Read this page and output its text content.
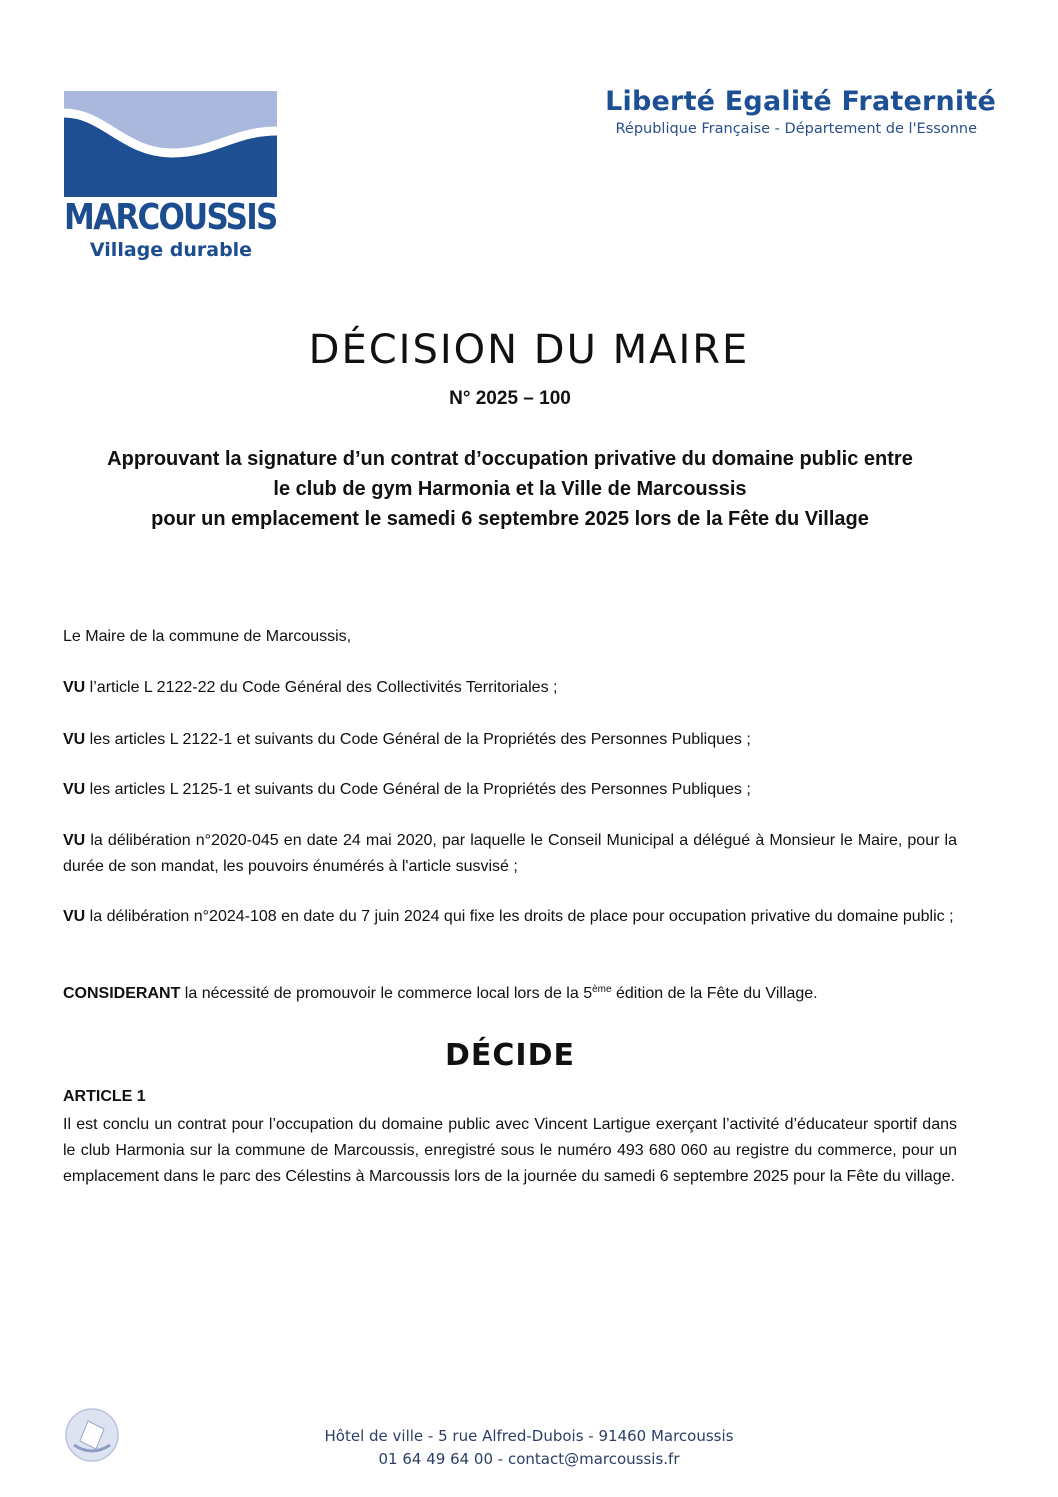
MARCOUSSIS
Village durable
Liberté Egalité Fraternité
République Française - Département de l'Essonne
DÉCISION DU MAIRE
N° 2025 – 100
Approuvant la signature d’un contrat d’occupation privative du domaine public entre
le club de gym Harmonia et la Ville de Marcoussis
pour un emplacement le samedi 6 septembre 2025 lors de la Fête du Village
Le Maire de la commune de Marcoussis,
VU l’article L 2122-22 du Code Général des Collectivités Territoriales ;
VU les articles L 2122-1 et suivants du Code Général de la Propriétés des Personnes Publiques ;
VU les articles L 2125-1 et suivants du Code Général de la Propriétés des Personnes Publiques ;
VU la délibération n°2020-045 en date 24 mai 2020, par laquelle le Conseil Municipal a délégué à Monsieur le Maire, pour la durée de son mandat, les pouvoirs énumérés à l'article susvisé ;
VU la délibération n°2024-108 en date du 7 juin 2024 qui fixe les droits de place pour occupation privative du domaine public ;
CONSIDERANT la nécessité de promouvoir le commerce local lors de la 5ème édition de la Fête du Village.
DÉCIDE
ARTICLE 1
Il est conclu un contrat pour l’occupation du domaine public avec Vincent Lartigue exerçant l’activité d’éducateur sportif dans le club Harmonia sur la commune de Marcoussis, enregistré sous le numéro 493 680 060 au registre du commerce, pour un emplacement dans le parc des Célestins à Marcoussis lors de la journée du samedi 6 septembre 2025 pour la Fête du village.
Hôtel de ville - 5 rue Alfred-Dubois - 91460 Marcoussis
01 64 49 64 00 - contact@marcoussis.fr
